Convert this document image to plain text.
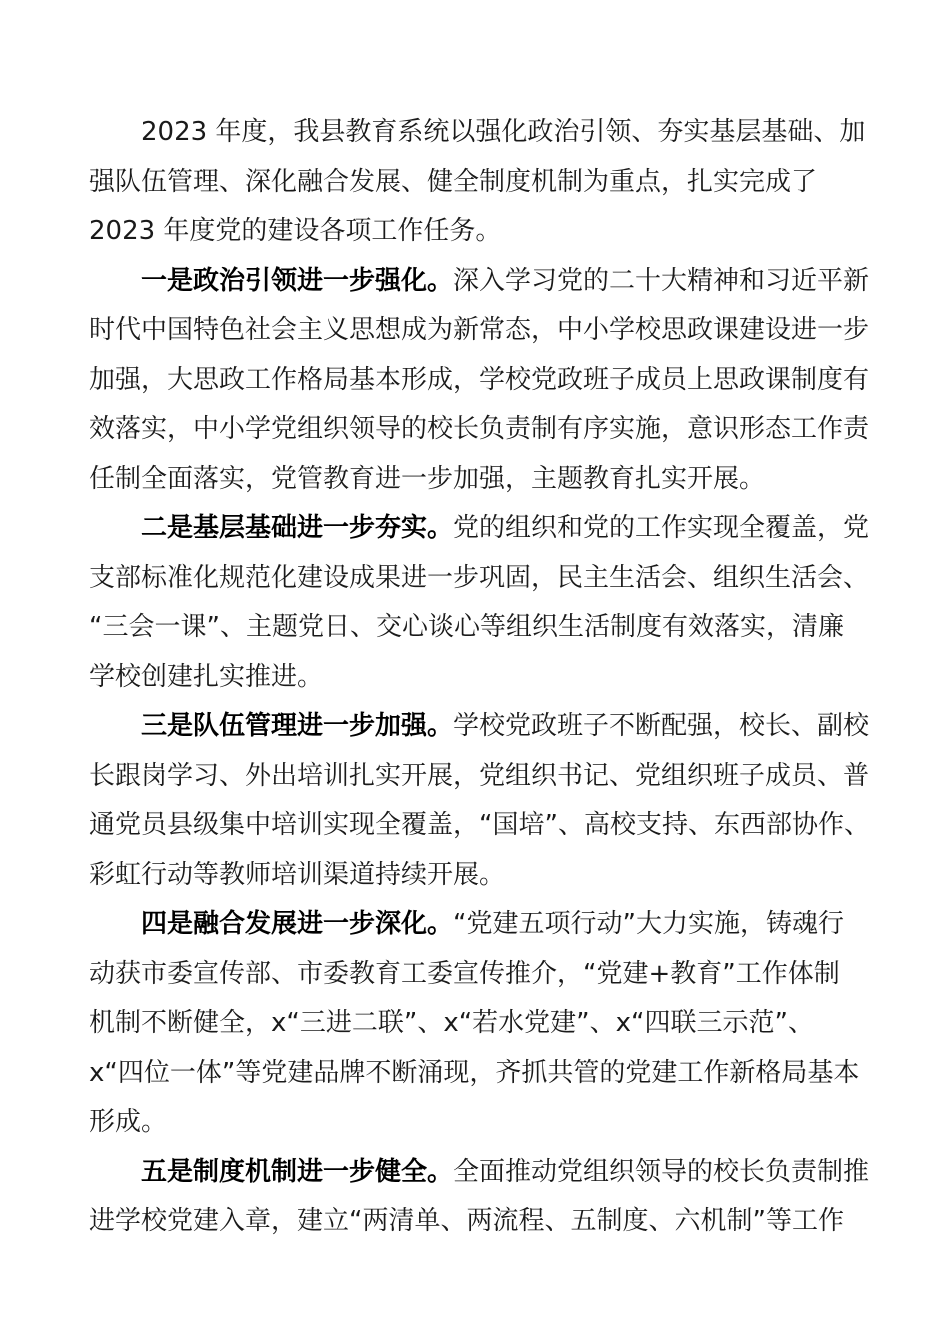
2023 年度，我县教育系统以强化政治引领、夯实基层基础、加
强队伍管理、深化融合发展、健全制度机制为重点，扎实完成了
2023 年度党的建设各项工作任务。
一是政治引领进一步强化。深入学习党的二十大精神和习近平新
时代中国特色社会主义思想成为新常态，中小学校思政课建设进一步
加强，大思政工作格局基本形成，学校党政班子成员上思政课制度有
效落实，中小学党组织领导的校长负责制有序实施，意识形态工作责
任制全面落实，党管教育进一步加强，主题教育扎实开展。
二是基层基础进一步夯实。党的组织和党的工作实现全覆盖，党
支部标准化规范化建设成果进一步巩固，民主生活会、组织生活会、
“三会一课”、主题党日、交心谈心等组织生活制度有效落实，清廉
学校创建扎实推进。
三是队伍管理进一步加强。学校党政班子不断配强，校长、副校
长跟岗学习、外出培训扎实开展，党组织书记、党组织班子成员、普
通党员县级集中培训实现全覆盖，“国培”、高校支持、东西部协作、
彩虹行动等教师培训渠道持续开展。
四是融合发展进一步深化。“党建五项行动”大力实施，铸魂行
动获市委宣传部、市委教育工委宣传推介，“党建+教育”工作体制
机制不断健全，x“三进二联”、x“若水党建”、x“四联三示范”、
x“四位一体”等党建品牌不断涌现，齐抓共管的党建工作新格局基本
形成。
五是制度机制进一步健全。全面推动党组织领导的校长负责制推
进学校党建入章，建立“两清单、两流程、五制度、六机制”等工作
